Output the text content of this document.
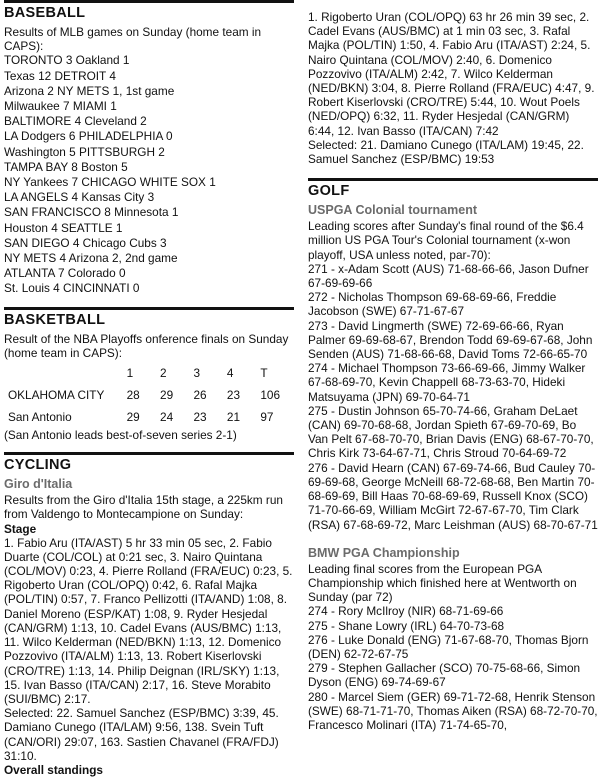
BASEBALL

Results of MLB games on Sunday (home team in CAPS):

TORONTO 3 Oakland 1
Texas 12 DETROIT 4
Arizona 2 NY METS 1, 1st game
Milwaukee 7 MIAMI 1
BALTIMORE 4 Cleveland 2
LA Dodgers 6 PHILADELPHIA 0
Washington 5 PITTSBURGH 2
TAMPA BAY 8 Boston 5
NY Yankees 7 CHICAGO WHITE SOX 1
LA ANGELS 4 Kansas City 3
SAN FRANCISCO 8 Minnesota 1
Houston 4 SEATTLE 1
SAN DIEGO 4 Chicago Cubs 3
NY METS 4 Arizona 2, 2nd game
ATLANTA 7 Colorado 0
St. Louis 4 CINCINNATI 0
BASKETBALL

Result of the NBA Playoffs onference finals on Sunday (home team in CAPS):

	1	2	3	4	T
OKLAHOMA CITY	28	29	26	23	106
San Antonio	29	24	23	21	97

(San Antonio leads best-of-seven series 2-1)

CYCLING
Giro d'Italia

Results from the Giro d'Italia 15th stage, a 225km run from Valdengo to Montecampione on Sunday:

Stage

1. Fabio Aru (ITA/AST) 5 hr 33 min 05 sec, 2. Fabio Duarte (COL/COL) at 0:21 sec, 3. Nairo Quintana (COL/MOV) 0:23, 4. Pierre Rolland (FRA/EUC) 0:23, 5. Rigoberto Uran (COL/OPQ) 0:42, 6. Rafal Majka (POL/TIN) 0:57, 7. Franco Pellizotti (ITA/AND) 1:08, 8. Daniel Moreno (ESP/KAT) 1:08, 9. Ryder Hesjedal (CAN/GRM) 1:13, 10. Cadel Evans (AUS/BMC) 1:13, 11. Wilco Kelderman (NED/BKN) 1:13, 12. Domenico Pozzovivo (ITA/ALM) 1:13, 13. Robert Kiserlovski (CRO/TRE) 1:13, 14. Philip Deignan (IRL/SKY) 1:13, 15. Ivan Basso (ITA/CAN) 2:17, 16. Steve Morabito (SUI/BMC) 2:17.

Selected: 22. Samuel Sanchez (ESP/BMC) 3:39, 45. Damiano Cunego (ITA/LAM) 9:56, 138. Svein Tuft (CAN/ORI) 29:07, 163. Sastien Chavanel (FRA/FDJ) 31:10.

Overall standings

1. Rigoberto Uran (COL/OPQ) 63 hr 26 min 39 sec, 2. Cadel Evans (AUS/BMC) at 1 min 03 sec, 3. Rafal Majka (POL/TIN) 1:50, 4. Fabio Aru (ITA/AST) 2:24, 5. Nairo Quintana (COL/MOV) 2:40, 6. Domenico Pozzovivo (ITA/ALM) 2:42, 7. Wilco Kelderman (NED/BKN) 3:04, 8. Pierre Rolland (FRA/EUC) 4:47, 9. Robert Kiserlovski (CRO/TRE) 5:44, 10. Wout Poels (NED/OPQ) 6:32, 11. Ryder Hesjedal (CAN/GRM) 6:44, 12. Ivan Basso (ITA/CAN) 7:42

Selected: 21. Damiano Cunego (ITA/LAM) 19:45, 22. Samuel Sanchez (ESP/BMC) 19:53

GOLF
USPGA Colonial tournament

Leading scores after Sunday's final round of the $6.4 million US PGA Tour's Colonial tournament (x-won playoff, USA unless noted, par-70):

271 - x-Adam Scott (AUS) 71-68-66-66, Jason Dufner 67-69-69-66

272 - Nicholas Thompson 69-68-69-66, Freddie Jacobson (SWE) 67-71-67-67

273 - David Lingmerth (SWE) 72-69-66-66, Ryan Palmer 69-69-68-67, Brendon Todd 69-69-67-68, John Senden (AUS) 71-68-66-68, David Toms 72-66-65-70

274 - Michael Thompson 73-66-69-66, Jimmy Walker 67-68-69-70, Kevin Chappell 68-73-63-70, Hideki Matsuyama (JPN) 69-70-64-71

275 - Dustin Johnson 65-70-74-66, Graham DeLaet (CAN) 69-70-68-68, Jordan Spieth 67-69-70-69, Bo Van Pelt 67-68-70-70, Brian Davis (ENG) 68-67-70-70, Chris Kirk 73-64-67-71, Chris Stroud 70-64-69-72

276 - David Hearn (CAN) 67-69-74-66, Bud Cauley 70-69-69-68, George McNeill 68-72-68-68, Ben Martin 70-68-69-69, Bill Haas 70-68-69-69, Russell Knox (SCO) 71-70-66-69, William McGirt 72-67-67-70, Tim Clark (RSA) 67-68-69-72, Marc Leishman (AUS) 68-70-67-71

BMW PGA Championship

Leading final scores from the European PGA Championship which finished here at Wentworth on Sunday (par 72)

274 - Rory McIlroy (NIR) 68-71-69-66

275 - Shane Lowry (IRL) 64-70-73-68

276 - Luke Donald (ENG) 71-67-68-70, Thomas Bjorn (DEN) 62-72-67-75

279 - Stephen Gallacher (SCO) 70-75-68-66, Simon Dyson (ENG) 69-74-69-67

280 - Marcel Siem (GER) 69-71-72-68, Henrik Stenson (SWE) 68-71-71-70, Thomas Aiken (RSA) 68-72-70-70, Francesco Molinari (ITA) 71-74-65-70,
